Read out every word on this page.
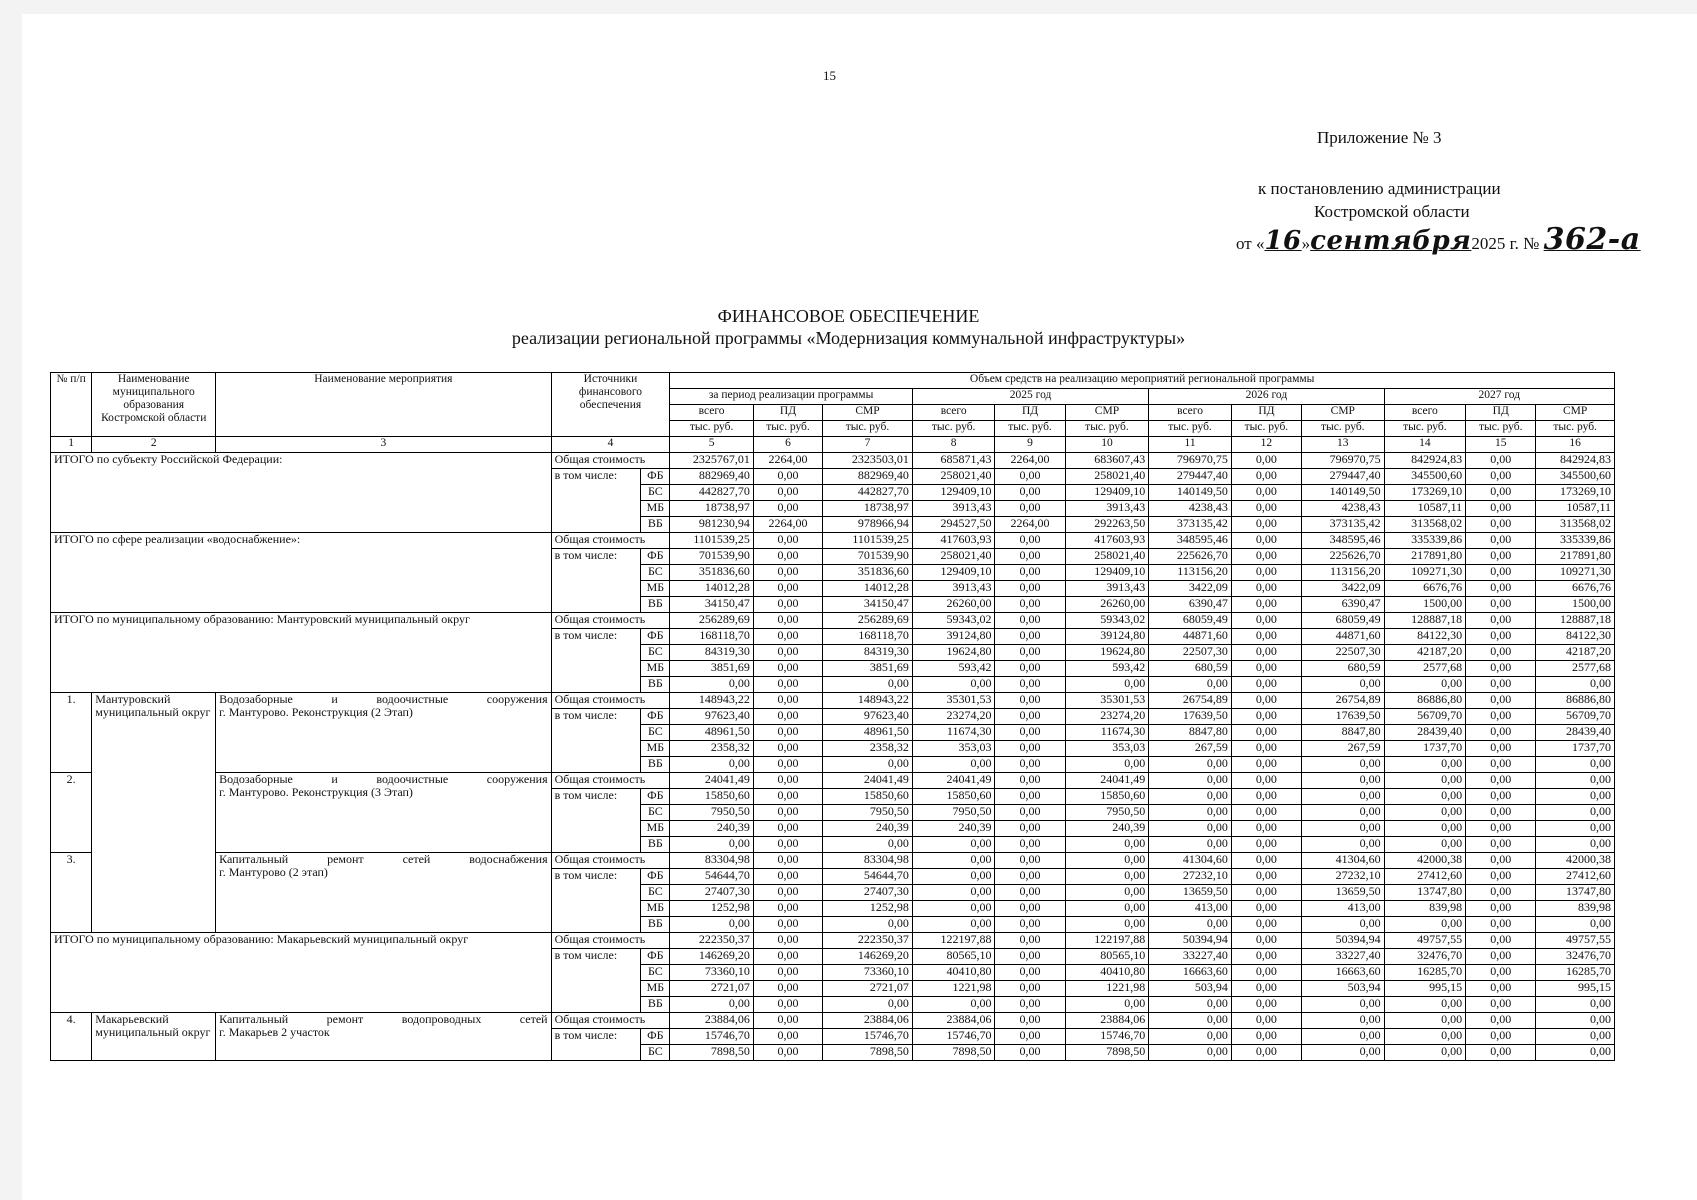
15
Приложение № 3
к постановлению администрации
Костромской области
от «16»сентября2025 г. № 362-а
ФИНАНСОВОЕ ОБЕСПЕЧЕНИЕ
реализации региональной программы «Модернизация коммунальной инфраструктуры»
№ п/п	Наименование муниципального образования Костромской области	Наименование мероприятия	Источники финансового обеспечения		Объем средств на реализацию мероприятий региональной программы											
					за период реализации программы			2025 год			2026 год			2027 год		
					всего	ПД	СМР	всего	ПД	СМР	всего	ПД	СМР	всего	ПД	СМР
					тыс. руб.	тыс. руб.	тыс. руб.	тыс. руб.	тыс. руб.	тыс. руб.	тыс. руб.	тыс. руб.	тыс. руб.	тыс. руб.	тыс. руб.	тыс. руб.
1	2	3	4		5	6	7	8	9	10	11	12	13	14	15	16
ИТОГО по субъекту Российской Федерации:			Общая стоимость		2325767,01	2264,00	2323503,01	685871,43	2264,00	683607,43	796970,75	0,00	796970,75	842924,83	0,00	842924,83
			в том числе:	ФБ	882969,40	0,00	882969,40	258021,40	0,00	258021,40	279447,40	0,00	279447,40	345500,60	0,00	345500,60
				БС	442827,70	0,00	442827,70	129409,10	0,00	129409,10	140149,50	0,00	140149,50	173269,10	0,00	173269,10
				МБ	18738,97	0,00	18738,97	3913,43	0,00	3913,43	4238,43	0,00	4238,43	10587,11	0,00	10587,11
				ВБ	981230,94	2264,00	978966,94	294527,50	2264,00	292263,50	373135,42	0,00	373135,42	313568,02	0,00	313568,02
ИТОГО по сфере реализации «водоснабжение»:			Общая стоимость		1101539,25	0,00	1101539,25	417603,93	0,00	417603,93	348595,46	0,00	348595,46	335339,86	0,00	335339,86
			в том числе:	ФБ	701539,90	0,00	701539,90	258021,40	0,00	258021,40	225626,70	0,00	225626,70	217891,80	0,00	217891,80
				БС	351836,60	0,00	351836,60	129409,10	0,00	129409,10	113156,20	0,00	113156,20	109271,30	0,00	109271,30
				МБ	14012,28	0,00	14012,28	3913,43	0,00	3913,43	3422,09	0,00	3422,09	6676,76	0,00	6676,76
				ВБ	34150,47	0,00	34150,47	26260,00	0,00	26260,00	6390,47	0,00	6390,47	1500,00	0,00	1500,00
ИТОГО по муниципальному образованию: Мантуровский муниципальный округ			Общая стоимость		256289,69	0,00	256289,69	59343,02	0,00	59343,02	68059,49	0,00	68059,49	128887,18	0,00	128887,18
			в том числе:	ФБ	168118,70	0,00	168118,70	39124,80	0,00	39124,80	44871,60	0,00	44871,60	84122,30	0,00	84122,30
				БС	84319,30	0,00	84319,30	19624,80	0,00	19624,80	22507,30	0,00	22507,30	42187,20	0,00	42187,20
				МБ	3851,69	0,00	3851,69	593,42	0,00	593,42	680,59	0,00	680,59	2577,68	0,00	2577,68
				ВБ	0,00	0,00	0,00	0,00	0,00	0,00	0,00	0,00	0,00	0,00	0,00	0,00
1.	Мантуровский муниципальный округ	Водозаборные и водоочистные сооружения
г. Мантурово. Реконструкция (2 Этап)	Общая стоимость		148943,22	0,00	148943,22	35301,53	0,00	35301,53	26754,89	0,00	26754,89	86886,80	0,00	86886,80
			в том числе:	ФБ	97623,40	0,00	97623,40	23274,20	0,00	23274,20	17639,50	0,00	17639,50	56709,70	0,00	56709,70
				БС	48961,50	0,00	48961,50	11674,30	0,00	11674,30	8847,80	0,00	8847,80	28439,40	0,00	28439,40
				МБ	2358,32	0,00	2358,32	353,03	0,00	353,03	267,59	0,00	267,59	1737,70	0,00	1737,70
				ВБ	0,00	0,00	0,00	0,00	0,00	0,00	0,00	0,00	0,00	0,00	0,00	0,00
2.		Водозаборные и водоочистные сооружения
г. Мантурово. Реконструкция (3 Этап)	Общая стоимость		24041,49	0,00	24041,49	24041,49	0,00	24041,49	0,00	0,00	0,00	0,00	0,00	0,00
			в том числе:	ФБ	15850,60	0,00	15850,60	15850,60	0,00	15850,60	0,00	0,00	0,00	0,00	0,00	0,00
				БС	7950,50	0,00	7950,50	7950,50	0,00	7950,50	0,00	0,00	0,00	0,00	0,00	0,00
				МБ	240,39	0,00	240,39	240,39	0,00	240,39	0,00	0,00	0,00	0,00	0,00	0,00
				ВБ	0,00	0,00	0,00	0,00	0,00	0,00	0,00	0,00	0,00	0,00	0,00	0,00
3.		Капитальный ремонт сетей водоснабжения
г. Мантурово (2 этап)	Общая стоимость		83304,98	0,00	83304,98	0,00	0,00	0,00	41304,60	0,00	41304,60	42000,38	0,00	42000,38
			в том числе:	ФБ	54644,70	0,00	54644,70	0,00	0,00	0,00	27232,10	0,00	27232,10	27412,60	0,00	27412,60
				БС	27407,30	0,00	27407,30	0,00	0,00	0,00	13659,50	0,00	13659,50	13747,80	0,00	13747,80
				МБ	1252,98	0,00	1252,98	0,00	0,00	0,00	413,00	0,00	413,00	839,98	0,00	839,98
				ВБ	0,00	0,00	0,00	0,00	0,00	0,00	0,00	0,00	0,00	0,00	0,00	0,00
ИТОГО по муниципальному образованию: Макарьевский муниципальный округ			Общая стоимость		222350,37	0,00	222350,37	122197,88	0,00	122197,88	50394,94	0,00	50394,94	49757,55	0,00	49757,55
			в том числе:	ФБ	146269,20	0,00	146269,20	80565,10	0,00	80565,10	33227,40	0,00	33227,40	32476,70	0,00	32476,70
				БС	73360,10	0,00	73360,10	40410,80	0,00	40410,80	16663,60	0,00	16663,60	16285,70	0,00	16285,70
				МБ	2721,07	0,00	2721,07	1221,98	0,00	1221,98	503,94	0,00	503,94	995,15	0,00	995,15
				ВБ	0,00	0,00	0,00	0,00	0,00	0,00	0,00	0,00	0,00	0,00	0,00	0,00
4.	Макарьевский муниципальный округ	Капитальный ремонт водопроводных сетей
г. Макарьев 2 участок	Общая стоимость		23884,06	0,00	23884,06	23884,06	0,00	23884,06	0,00	0,00	0,00	0,00	0,00	0,00
			в том числе:	ФБ	15746,70	0,00	15746,70	15746,70	0,00	15746,70	0,00	0,00	0,00	0,00	0,00	0,00
				БС	7898,50	0,00	7898,50	7898,50	0,00	7898,50	0,00	0,00	0,00	0,00	0,00	0,00
